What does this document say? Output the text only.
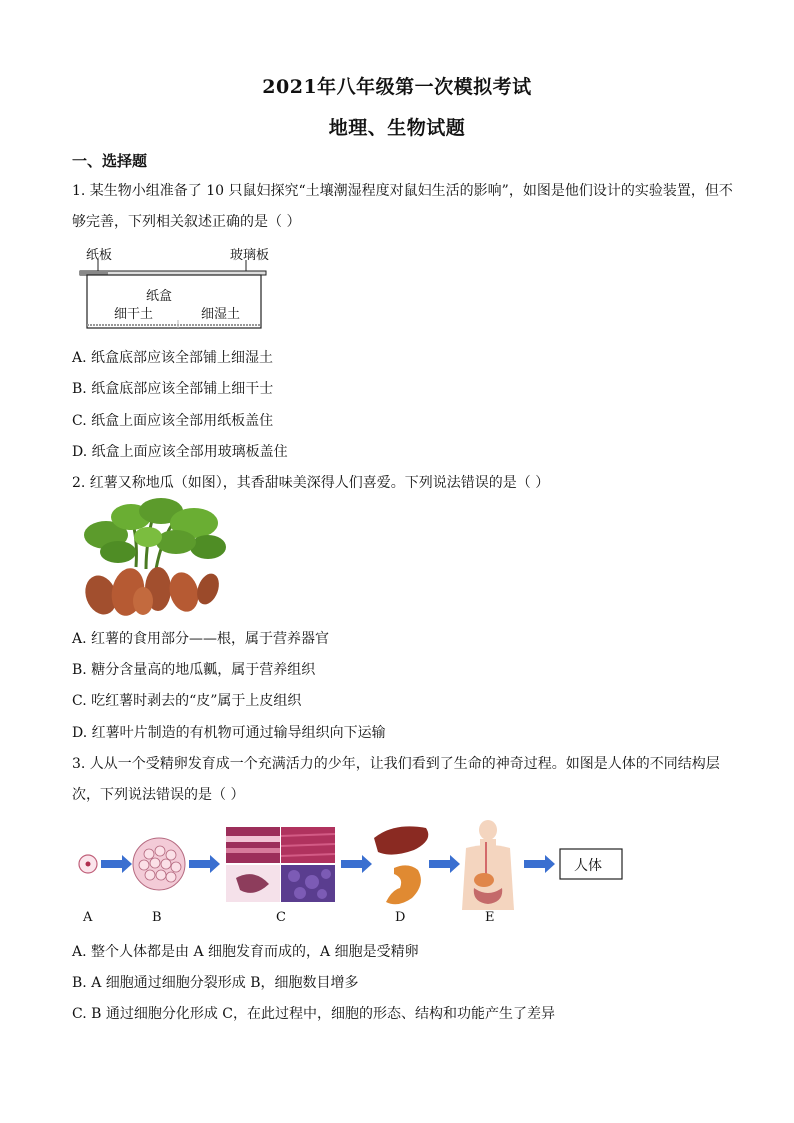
2021年八年级第一次模拟考试
地理、生物试题
一、选择题
1. 某生物小组准备了 10 只鼠妇探究“土壤潮湿程度对鼠妇生活的影响”，如图是他们设计的实验装置，但不
够完善，下列相关叙述正确的是（ ）
纸板	玻璃板
纸盒
细干土	细湿土
A. 纸盒底部应该全部铺上细湿土
B. 纸盒底部应该全部铺上细干士
C. 纸盒上面应该全部用纸板盖住
D. 纸盒上面应该全部用玻璃板盖住
2. 红薯又称地瓜（如图），其香甜味美深得人们喜爱。下列说法错误的是（ ）
A. 红薯的食用部分——根，属于营养器官
B. 糖分含量高的地瓜瓤，属于营养组织
C. 吃红薯时剥去的“皮”属于上皮组织
D. 红薯叶片制造的有机物可通过输导组织向下运输
3. 人从一个受精卵发育成一个充满活力的少年，让我们看到了生命的神奇过程。如图是人体的不同结构层
次，下列说法错误的是（ ）
人体
A	B	C	D	E
A. 整个人体都是由 A 细胞发育而成的，A 细胞是受精卵
B. A 细胞通过细胞分裂形成 B，细胞数目增多
C. B 通过细胞分化形成 C，在此过程中，细胞的形态、结构和功能产生了差异
